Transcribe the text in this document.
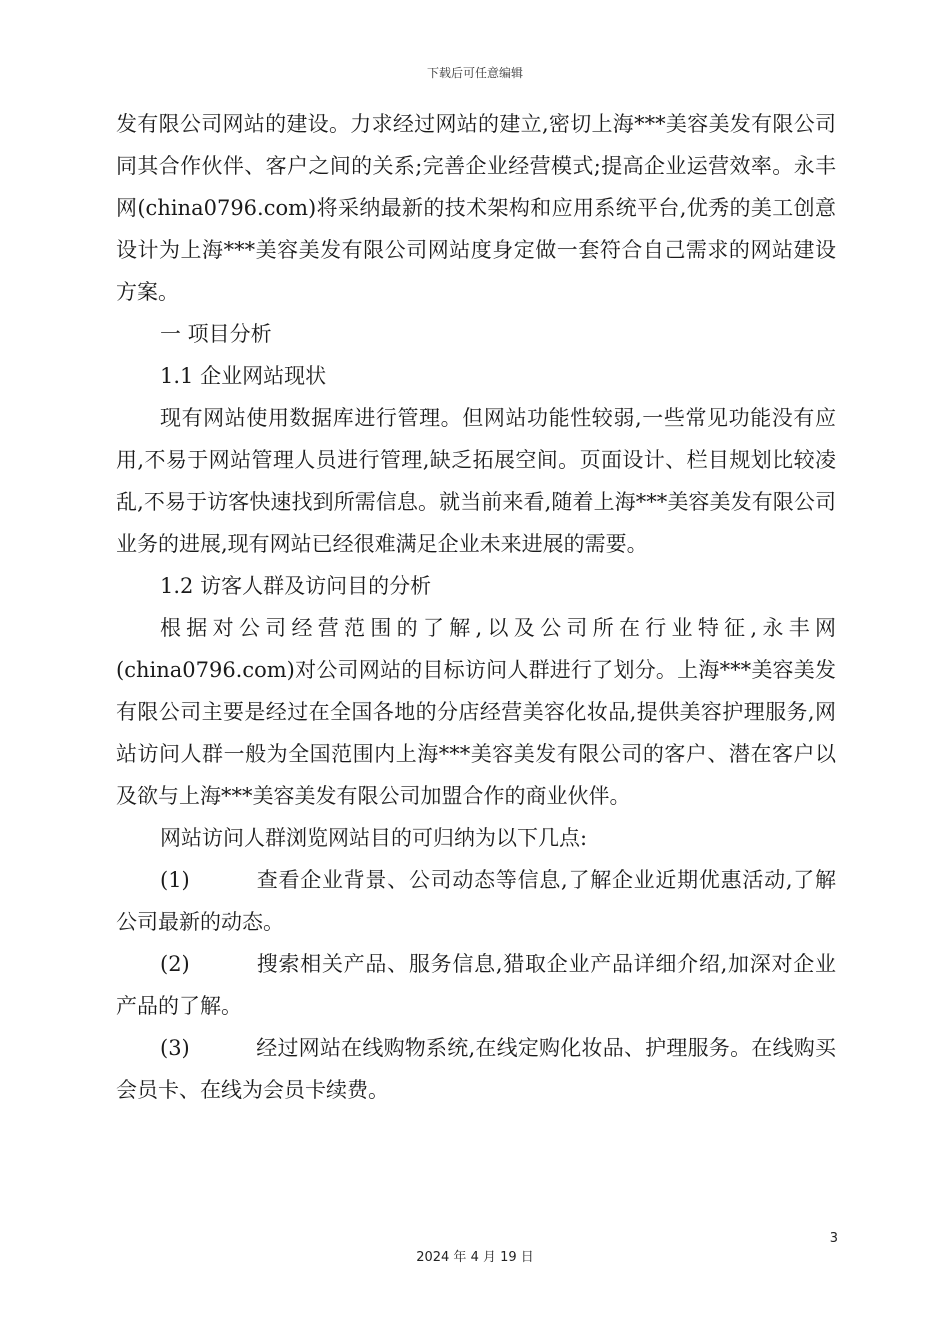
下载后可任意编辑

发有限公司网站的建设。力求经过网站的建立,密切上海***美容美发有限公司同其合作伙伴、客户之间的关系;完善企业经营模式;提高企业运营效率。永丰网(china0796.com)将采纳最新的技术架构和应用系统平台,优秀的美工创意设计为上海***美容美发有限公司网站度身定做一套符合自己需求的网站建设方案。

一 项目分析

1.1 企业网站现状

现有网站使用数据库进行管理。但网站功能性较弱,一些常见功能没有应用,不易于网站管理人员进行管理,缺乏拓展空间。页面设计、栏目规划比较凌乱,不易于访客快速找到所需信息。就当前来看,随着上海***美容美发有限公司业务的进展,现有网站已经很难满足企业未来进展的需要。

1.2 访客人群及访问目的分析

根据对公司经营范围的了解,以及公司所在行业特征,永丰网(china0796.com)对公司网站的目标访问人群进行了划分。上海***美容美发有限公司主要是经过在全国各地的分店经营美容化妆品,提供美容护理服务,网站访问人群一般为全国范围内上海***美容美发有限公司的客户、潜在客户以及欲与上海***美容美发有限公司加盟合作的商业伙伴。

网站访问人群浏览网站目的可归纳为以下几点:

(1)	查看企业背景、公司动态等信息,了解企业近期优惠活动,了解公司最新的动态。

(2)	搜索相关产品、服务信息,猎取企业产品详细介绍,加深对企业产品的了解。

(3)	经过网站在线购物系统,在线定购化妆品、护理服务。在线购买会员卡、在线为会员卡续费。

3
2024 年 4 月 19 日
